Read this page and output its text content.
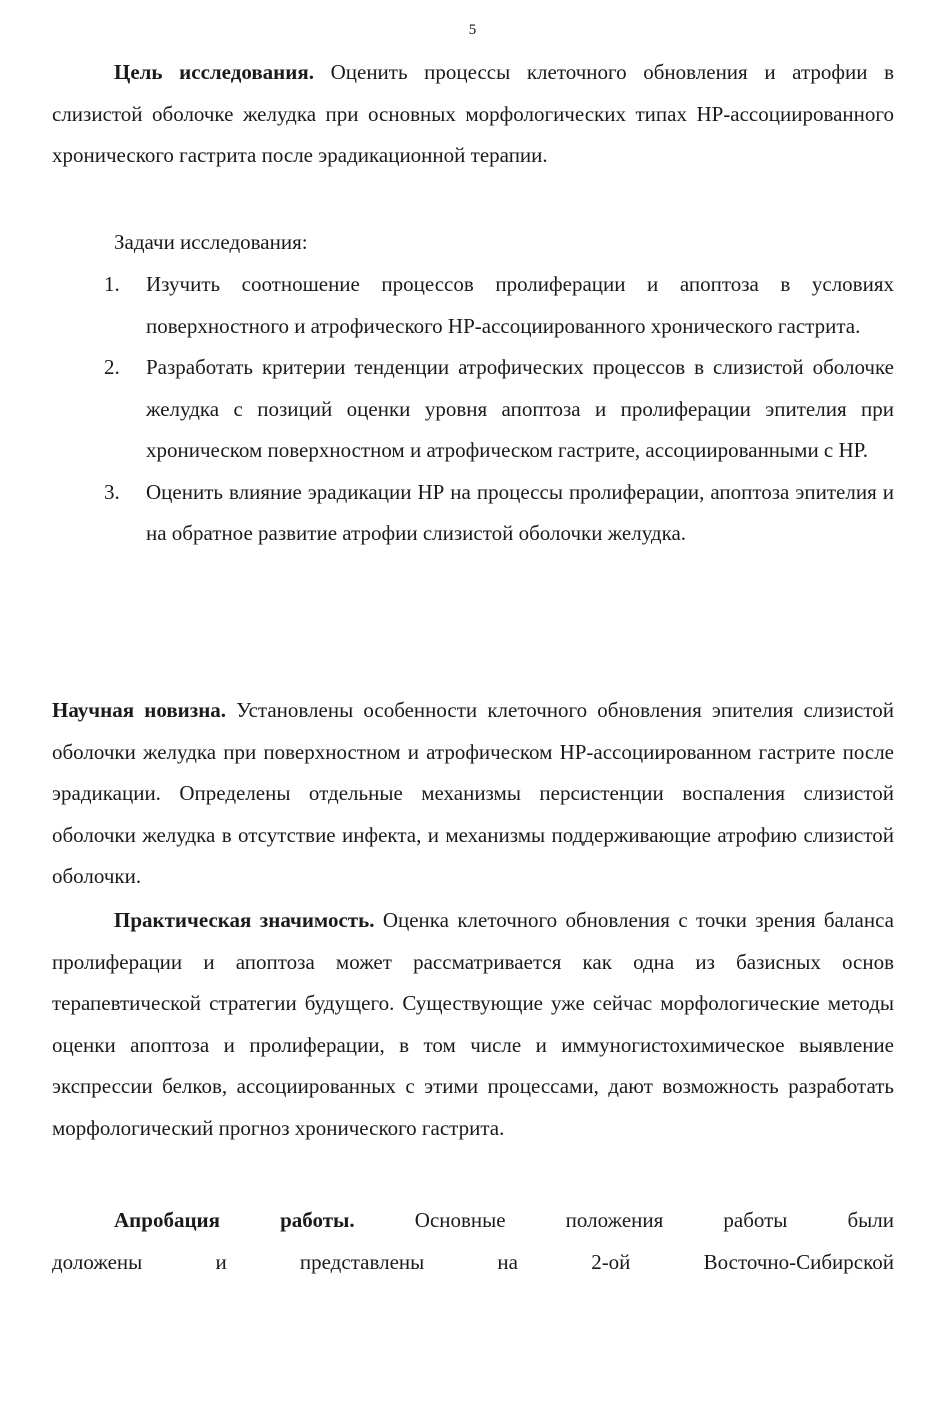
5
Цель исследования. Оценить процессы клеточного обновления и атрофии в слизистой оболочке желудка при основных морфологических типах НР-ассоциированного хронического гастрита после эрадикационной терапии.
Задачи исследования:
1. Изучить соотношение процессов пролиферации и апоптоза в условиях поверхностного и атрофического НР-ассоциированного хронического гастрита.
2. Разработать критерии тенденции атрофических процессов в слизистой оболочке желудка с позиций оценки уровня апоптоза и пролиферации эпителия при хроническом поверхностном и атрофическом гастрите, ассоциированными с НР.
3. Оценить влияние эрадикации НР на процессы пролиферации, апоптоза эпителия и на обратное развитие атрофии слизистой оболочки желудка.
Научная новизна. Установлены особенности клеточного обновления эпителия слизистой оболочки желудка при поверхностном и атрофическом НР-ассоциированном гастрите после эрадикации. Определены отдельные механизмы персистенции воспаления слизистой оболочки желудка в отсутствие инфекта, и механизмы поддерживающие атрофию слизистой оболочки.
Практическая значимость. Оценка клеточного обновления с точки зрения баланса пролиферации и апоптоза может рассматривается как одна из базисных основ терапевтической стратегии будущего. Существующие уже сейчас морфологические методы оценки апоптоза и пролиферации, в том числе и иммуногистохимическое выявление экспрессии белков, ассоциированных с этими процессами, дают возможность разработать морфологический прогноз хронического гастрита.
Апробация работы. Основные положения работы были
доложены и представлены на 2-ой Восточно-Сибирской
